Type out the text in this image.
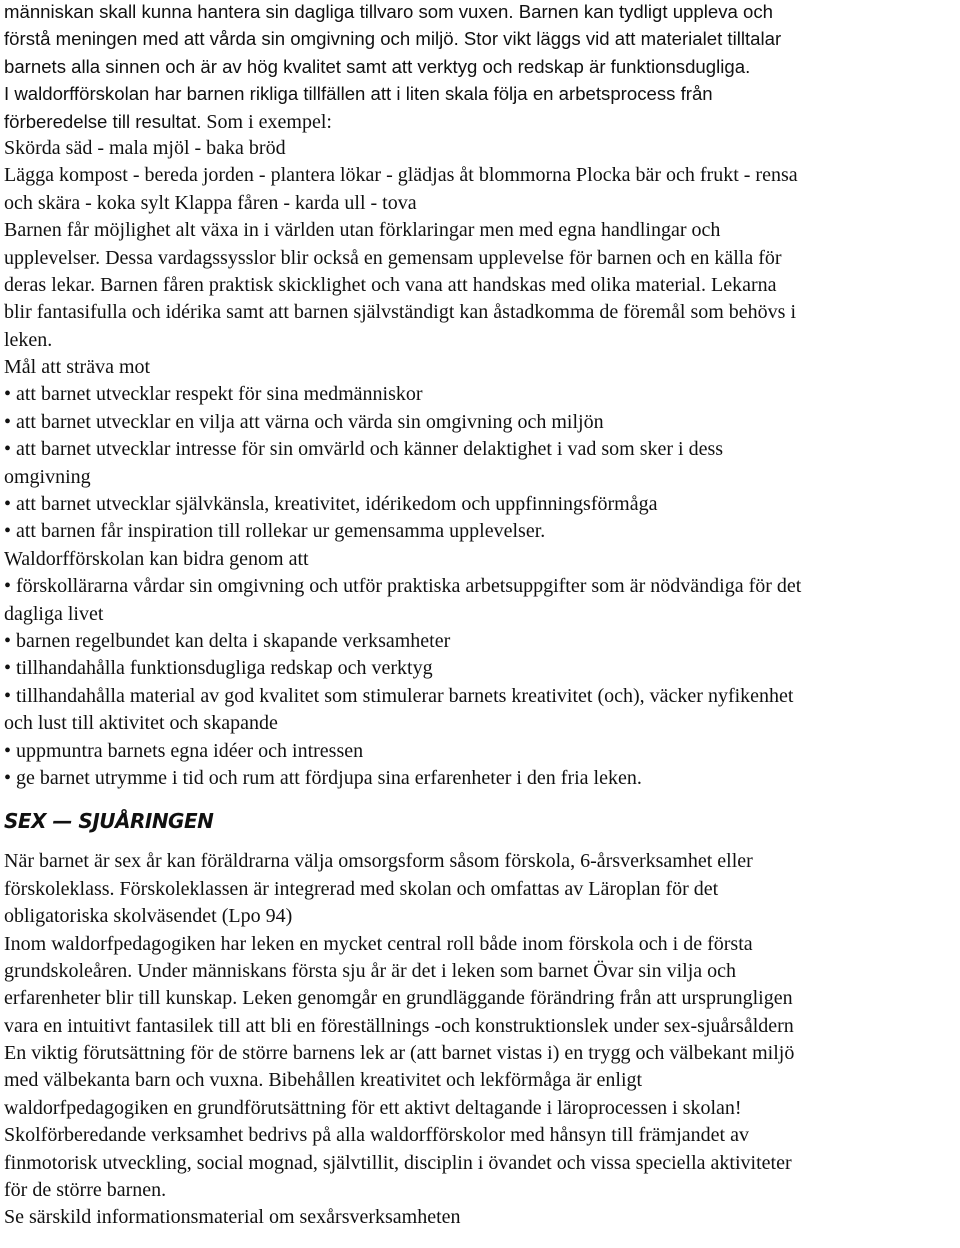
människan skall kunna hantera sin dagliga tillvaro som vuxen. Barnen kan tydligt uppleva och
förstå meningen med att vårda sin omgivning och miljö. Stor vikt läggs vid att materialet tilltalar
barnets alla sinnen och är av hög kvalitet samt att verktyg och redskap är funktionsdugliga.
I waldorfförskolan har barnen rikliga tillfällen att i liten skala följa en arbetsprocess från
förberedelse till resultat. Som i exempel:
Skörda säd - mala mjöl - baka bröd
Lägga kompost - bereda jorden - plantera lökar - glädjas åt blommorna Plocka bär och frukt - rensa
och skära - koka sylt Klappa fåren - karda ull - tova
Barnen får möjlighet alt växa in i världen utan förklaringar men med egna handlingar och
upplevelser. Dessa vardagssysslor blir också en gemensam upplevelse för barnen och en källa för
deras lekar. Barnen fåren praktisk skicklighet och vana att handskas med olika material. Lekarna
blir fantasifulla och idérika samt att barnen självständigt kan åstadkomma de föremål som behövs i
leken.
Mål att sträva mot
• att barnet utvecklar respekt för sina medmänniskor
• att barnet utvecklar en vilja att värna och värda sin omgivning och miljön
• att barnet utvecklar intresse för sin omvärld och känner delaktighet i vad som sker i dess
omgivning
• att barnet utvecklar självkänsla, kreativitet, idérikedom och uppfinningsförmåga
• att barnen får inspiration till rollekar ur gemensamma upplevelser.
Waldorfförskolan kan bidra genom att
• förskollärarna vårdar sin omgivning och utför praktiska arbetsuppgifter som är nödvändiga för det
dagliga livet
• barnen regelbundet kan delta i skapande verksamheter
• tillhandahålla funktionsdugliga redskap och verktyg
• tillhandahålla material av god kvalitet som stimulerar barnets kreativitet (och), väcker nyfikenhet
och lust till aktivitet och skapande
• uppmuntra barnets egna idéer och intressen
• ge barnet utrymme i tid och rum att fördjupa sina erfarenheter i den fria leken.
SEX — SJUÅRINGEN
När barnet är sex år kan föräldrarna välja omsorgsform såsom förskola, 6-årsverksamhet eller
förskoleklass. Förskoleklassen är integrerad med skolan och omfattas av Läroplan för det
obligatoriska skolväsendet (Lpo 94)
Inom waldorfpedagogiken har leken en mycket central roll både inom förskola och i de första
grundskoleåren. Under människans första sju år är det i leken som barnet Övar sin vilja och
erfarenheter blir till kunskap. Leken genomgår en grundläggande förändring från att ursprungligen
vara en intuitivt fantasilek till att bli en föreställnings -och konstruktionslek under sex-sjuårsåldern
En viktig förutsättning för de större barnens lek ar (att barnet vistas i) en trygg och välbekant miljö
med välbekanta barn och vuxna. Bibehållen kreativitet och lekförmåga är enligt
waldorfpedagogiken en grundförutsättning för ett aktivt deltagande i läroprocessen i skolan!
Skolförberedande verksamhet bedrivs på alla waldorfförskolor med hånsyn till främjandet av
finmotorisk utveckling, social mognad, självtillit, disciplin i övandet och vissa speciella aktiviteter
för de större barnen.
Se särskild informationsmaterial om sexårsverksamheten
